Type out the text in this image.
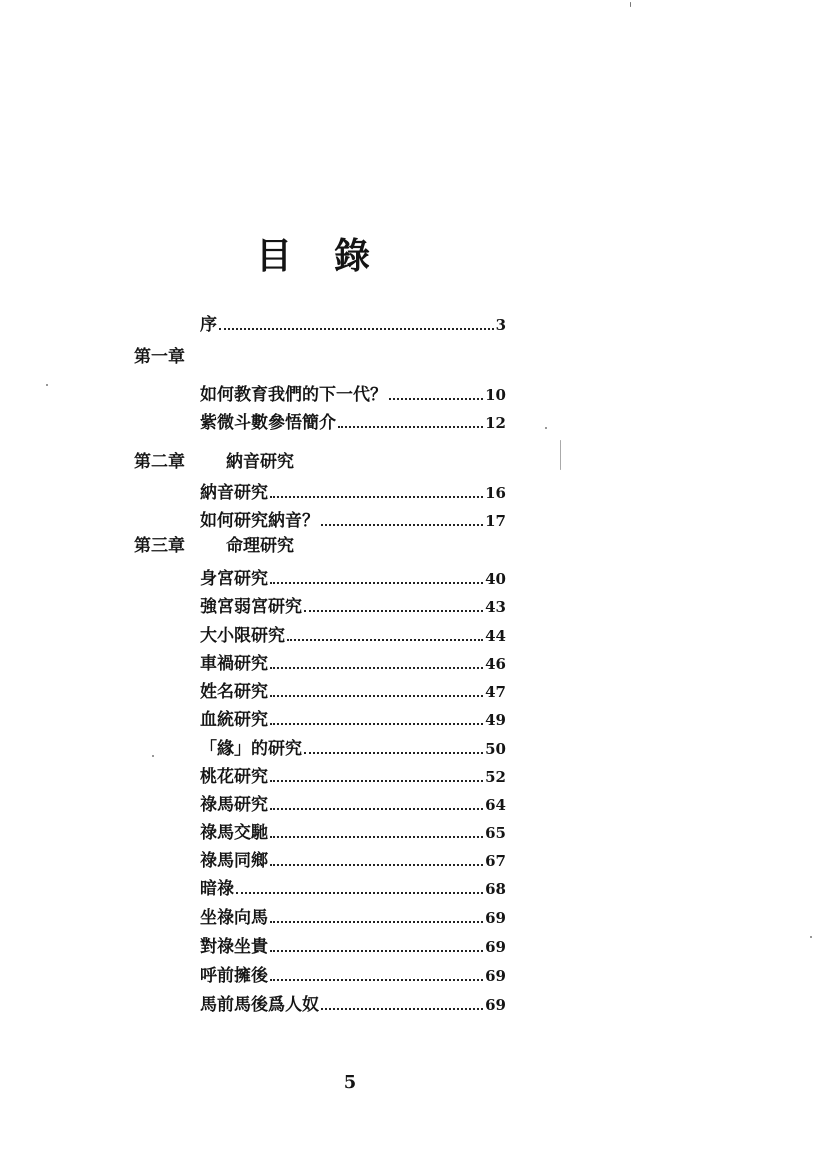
目 錄
序	3
第一章
如何教育我們的下一代？	10
紫微斗數參悟簡介	12
第二章 納音研究
納音研究	16
如何研究納音？	17
第三章 命理研究
身宮研究	40
強宮弱宮研究	43
大小限研究	44
車禍研究	46
姓名研究	47
血統研究	49
「緣」的研究	50
桃花研究	52
祿馬研究	64
祿馬交馳	65
祿馬同鄉	67
暗祿	68
坐祿向馬	69
對祿坐貴	69
呼前擁後	69
馬前馬後爲人奴	69
5
